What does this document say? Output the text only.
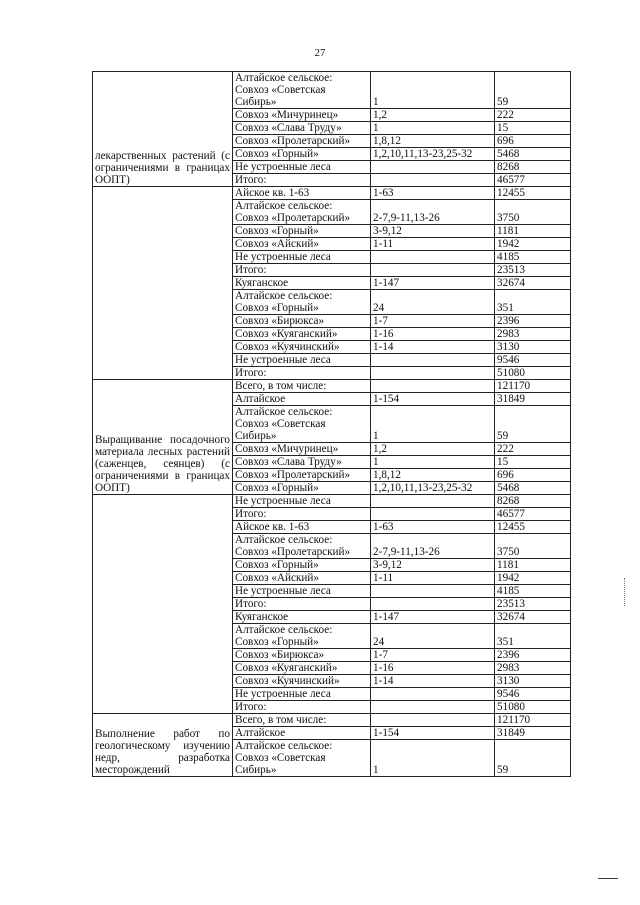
27
лекарственных растений (с ограничениями в границах ООПТ)	Алтайское сельское: Совхоз «Советская Сибирь»	1	59
	Совхоз «Мичуринец»	1,2	222
	Совхоз «Слава Труду»	1	15
	Совхоз «Пролетарский»	1,8,12	696
	Совхоз «Горный»	1,2,10,11,13-23,25-32	5468
	Не устроенные леса		8268
	Итого:		46577
	Айское кв. 1-63	1-63	12455
	Алтайское сельское: Совхоз «Пролетарский»	2-7,9-11,13-26	3750
	Совхоз «Горный»	3-9,12	1181
	Совхоз «Айский»	1-11	1942
	Не устроенные леса		4185
	Итого:		23513
	Куяганское	1-147	32674
	Алтайское сельское: Совхоз «Горный»	24	351
	Совхоз «Бирюкса»	1-7	2396
	Совхоз «Куяганский»	1-16	2983
	Совхоз «Куячинский»	1-14	3130
	Не устроенные леса		9546
	Итого:		51080
Выращивание посадочного материала лесных растений (саженцев, сеянцев) (с ограничениями в границах ООПТ)	Всего, в том числе:		121170
	Алтайское	1-154	31849
	Алтайское сельское: Совхоз «Советская Сибирь»	1	59
	Совхоз «Мичуринец»	1,2	222
	Совхоз «Слава Труду»	1	15
	Совхоз «Пролетарский»	1,8,12	696
	Совхоз «Горный»	1,2,10,11,13-23,25-32	5468
	Не устроенные леса		8268
	Итого:		46577
	Айское кв. 1-63	1-63	12455
	Алтайское сельское: Совхоз «Пролетарский»	2-7,9-11,13-26	3750
	Совхоз «Горный»	3-9,12	1181
	Совхоз «Айский»	1-11	1942
	Не устроенные леса		4185
	Итого:		23513
	Куяганское	1-147	32674
	Алтайское сельское: Совхоз «Горный»	24	351
	Совхоз «Бирюкса»	1-7	2396
	Совхоз «Куяганский»	1-16	2983
	Совхоз «Куячинский»	1-14	3130
	Не устроенные леса		9546
	Итого:		51080
Выполнение работ по геологическому изучению недр, разработка месторождений	Всего, в том числе:		121170
	Алтайское	1-154	31849
	Алтайское сельское: Совхоз «Советская Сибирь»	1	59
